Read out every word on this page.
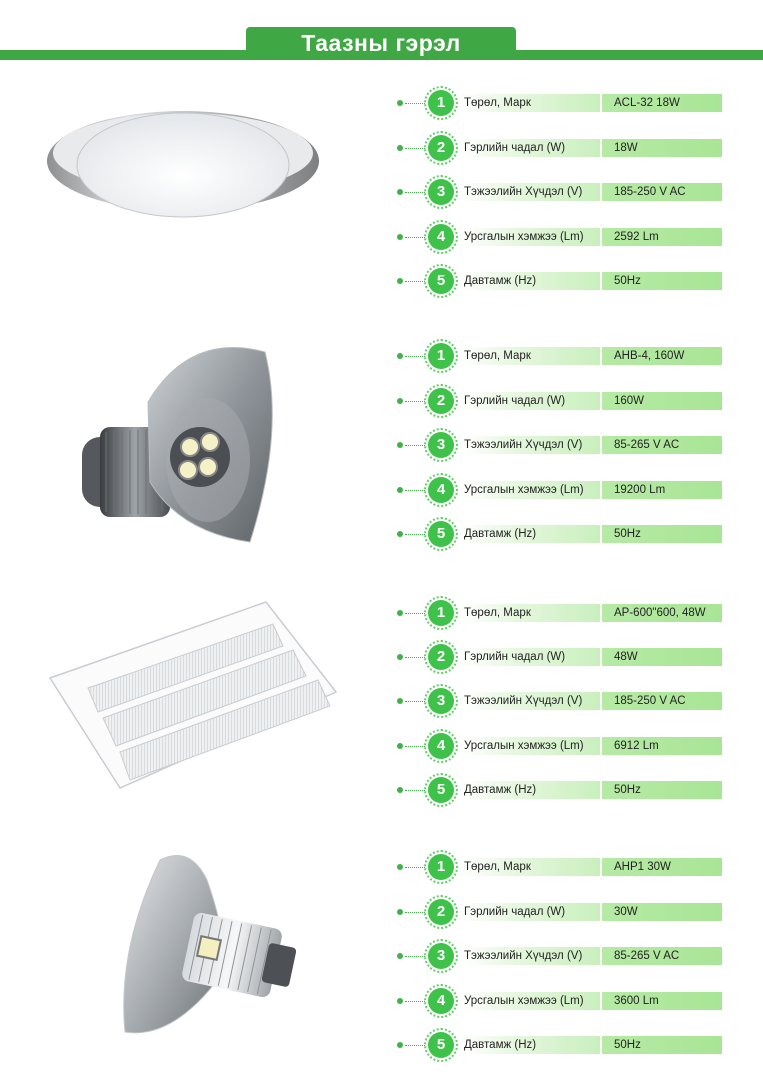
Таазны гэрэл
1	Төрөл, Марк	ACL-32 18W
2	Гэрлийн чадал (W)	18W
3	Тэжээлийн Хүчдэл (V)	185-250 V AC
4	Урсгалын хэмжээ (Lm)	2592 Lm
5	Давтамж (Hz)	50Hz
1	Төрөл, Марк	AHB-4, 160W
2	Гэрлийн чадал (W)	160W
3	Тэжээлийн Хүчдэл (V)	85-265 V AC
4	Урсгалын хэмжээ (Lm)	19200 Lm
5	Давтамж (Hz)	50Hz
1	Төрөл, Марк	AP-600"600, 48W
2	Гэрлийн чадал (W)	48W
3	Тэжээлийн Хүчдэл (V)	185-250 V AC
4	Урсгалын хэмжээ (Lm)	6912 Lm
5	Давтамж (Hz)	50Hz
1	Төрөл, Марк	AHP1 30W
2	Гэрлийн чадал (W)	30W
3	Тэжээлийн Хүчдэл (V)	85-265 V AC
4	Урсгалын хэмжээ (Lm)	3600 Lm
5	Давтамж (Hz)	50Hz
